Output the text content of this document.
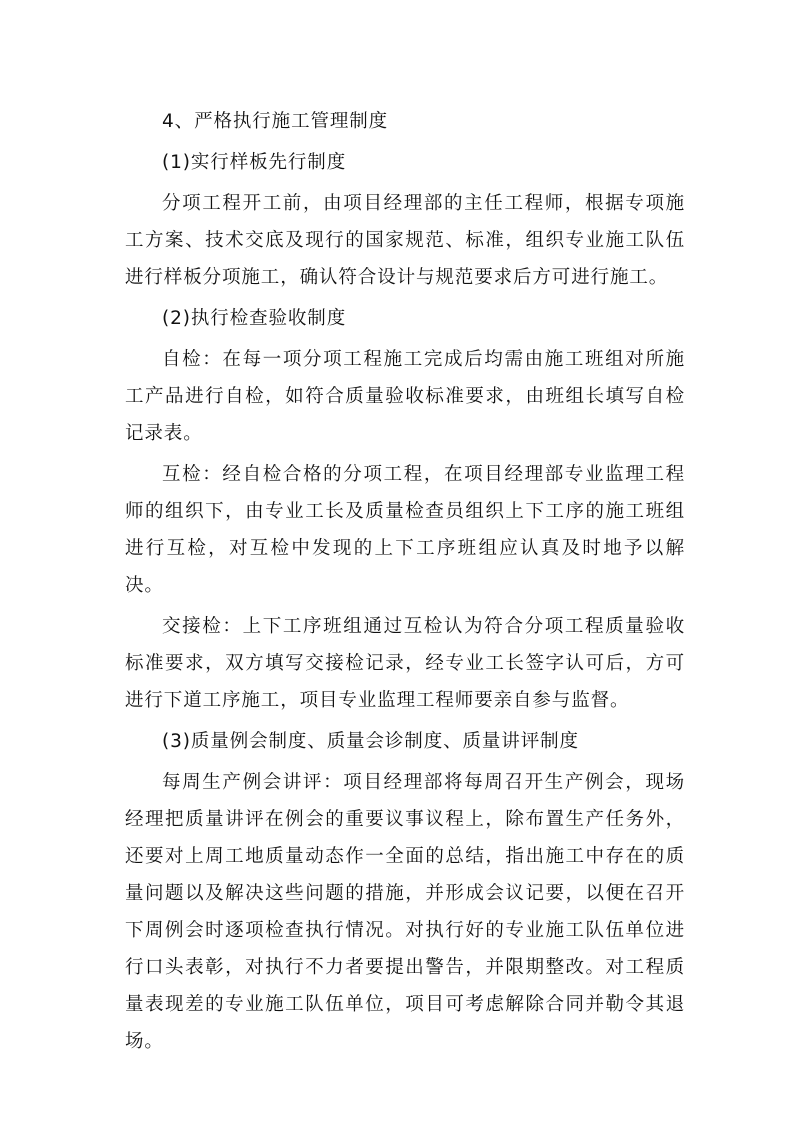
4、严格执行施工管理制度

(1)实行样板先行制度

分项工程开工前，由项目经理部的主任工程师，根据专项施工方案、技术交底及现行的国家规范、标准，组织专业施工队伍进行样板分项施工，确认符合设计与规范要求后方可进行施工。

(2)执行检查验收制度

自检：在每一项分项工程施工完成后均需由施工班组对所施工产品进行自检，如符合质量验收标准要求，由班组长填写自检记录表。

互检：经自检合格的分项工程，在项目经理部专业监理工程师的组织下，由专业工长及质量检查员组织上下工序的施工班组进行互检，对互检中发现的上下工序班组应认真及时地予以解决。

交接检：上下工序班组通过互检认为符合分项工程质量验收标准要求，双方填写交接检记录，经专业工长签字认可后，方可进行下道工序施工，项目专业监理工程师要亲自参与监督。

(3)质量例会制度、质量会诊制度、质量讲评制度

每周生产例会讲评：项目经理部将每周召开生产例会，现场经理把质量讲评在例会的重要议事议程上，除布置生产任务外，还要对上周工地质量动态作一全面的总结，指出施工中存在的质量问题以及解决这些问题的措施，并形成会议记要，以便在召开下周例会时逐项检查执行情况。对执行好的专业施工队伍单位进行口头表彰，对执行不力者要提出警告，并限期整改。对工程质量表现差的专业施工队伍单位，项目可考虑解除合同并勒令其退场。
